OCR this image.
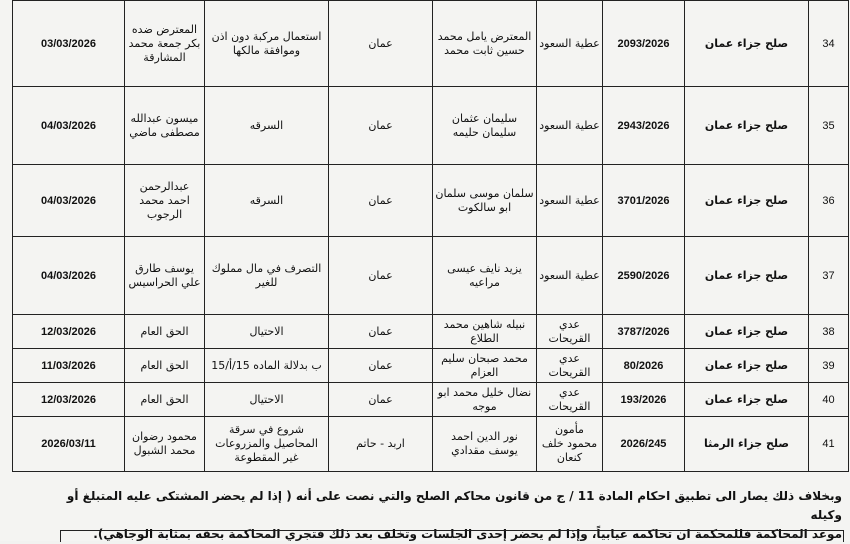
34	صلح جزاء عمان	2093/2026	عطية السعود	المعترض يامل محمد حسين ثابت محمد	عمان	استعمال مركبة دون اذن وموافقة مالكها	المعترض ضده بكر جمعة محمد المشارقة	03/03/2026
35	صلح جزاء عمان	2943/2026	عطية السعود	سليمان عثمان سليمان حليمه	عمان	السرقه	ميسون عبدالله مصطفى ماضي	04/03/2026
36	صلح جزاء عمان	3701/2026	عطية السعود	سلمان موسى سلمان ابو سالكوت	عمان	السرقه	عبدالرحمن احمد محمد الرجوب	04/03/2026
37	صلح جزاء عمان	2590/2026	عطية السعود	يزيد نايف عيسى مراعيه	عمان	التصرف في مال مملوك للغير	يوسف طارق علي الحراسيس	04/03/2026
38	صلح جزاء عمان	3787/2026	عدي القريحات	نبيله شاهين محمد الطلاع	عمان	الاحتيال	الحق العام	12/03/2026
39	صلح جزاء عمان	80/2026	عدي القريحات	محمد صبحان سليم العزام	عمان	ب بدلالة الماده 15/أ/15	الحق العام	11/03/2026
40	صلح جزاء عمان	193/2026	عدي القريحات	نضال خليل محمد ابو موجه	عمان	الاحتيال	الحق العام	12/03/2026
41	صلح جزاء الرمثا	2026/245	مأمون محمود خلف كنعان	نور الدين احمد يوسف مقدادي	اربد - حاتم	شروع في سرقة المحاصيل والمزروعات غير المقطوعة	محمود رضوان محمد الشبول	2026/03/11
وبخلاف ذلك يصار الى تطبيق احكام المادة 11 / ج من قانون محاكم الصلح والتي نصت على أنه ( إذا لم يحضر المشتكى عليه المتبلغ أو وكيله
موعد المحاكمة فللمحكمة ان تحاكمه غيابياً، وإذا لم يحضر إحدى الجلسات وتخلف بعد ذلك فتجري المحاكمة بحقه بمثابة الوجاهي).
